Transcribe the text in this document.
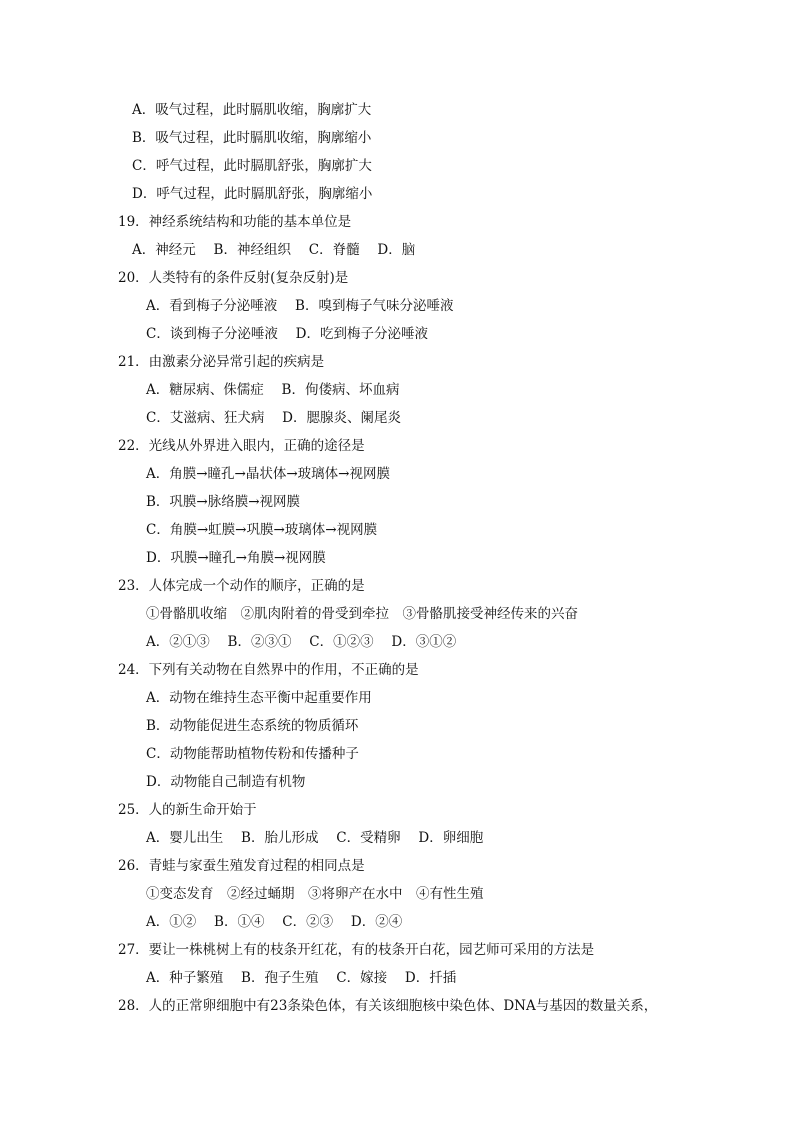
A．吸气过程，此时膈肌收缩，胸廓扩大
B．吸气过程，此时膈肌收缩，胸廓缩小
C．呼气过程，此时膈肌舒张，胸廓扩大
D．呼气过程，此时膈肌舒张，胸廓缩小
19．神经系统结构和功能的基本单位是
A．神经元　 B．神经组织　 C．脊髓　 D．脑
20．人类特有的条件反射(复杂反射)是
A．看到梅子分泌唾液　 B．嗅到梅子气味分泌唾液
C．谈到梅子分泌唾液　 D．吃到梅子分泌唾液
21．由激素分泌异常引起的疾病是
A．糖尿病、侏儒症　 B．佝偻病、坏血病
C．艾滋病、狂犬病　 D．腮腺炎、阑尾炎
22．光线从外界进入眼内，正确的途径是
A．角膜→瞳孔→晶状体→玻璃体→视网膜
B．巩膜→脉络膜→视网膜
C．角膜→虹膜→巩膜→玻璃体→视网膜
D．巩膜→瞳孔→角膜→视网膜
23．人体完成一个动作的顺序，正确的是
①骨骼肌收缩　②肌肉附着的骨受到牵拉　③骨骼肌接受神经传来的兴奋
A．②①③　 B．②③①　 C．①②③　 D．③①②
24．下列有关动物在自然界中的作用，不正确的是
A．动物在维持生态平衡中起重要作用
B．动物能促进生态系统的物质循环
C．动物能帮助植物传粉和传播种子
D．动物能自己制造有机物
25．人的新生命开始于
A．婴儿出生　 B．胎儿形成　 C．受精卵　 D．卵细胞
26．青蛙与家蚕生殖发育过程的相同点是
①变态发育　②经过蛹期　③将卵产在水中　④有性生殖
A．①②　 B．①④　 C．②③　 D．②④
27．要让一株桃树上有的枝条开红花，有的枝条开白花，园艺师可采用的方法是
A．种子繁殖　 B．孢子生殖　 C．嫁接　 D．扦插
28．人的正常卵细胞中有23条染色体，有关该细胞核中染色体、DNA与基因的数量关系，
